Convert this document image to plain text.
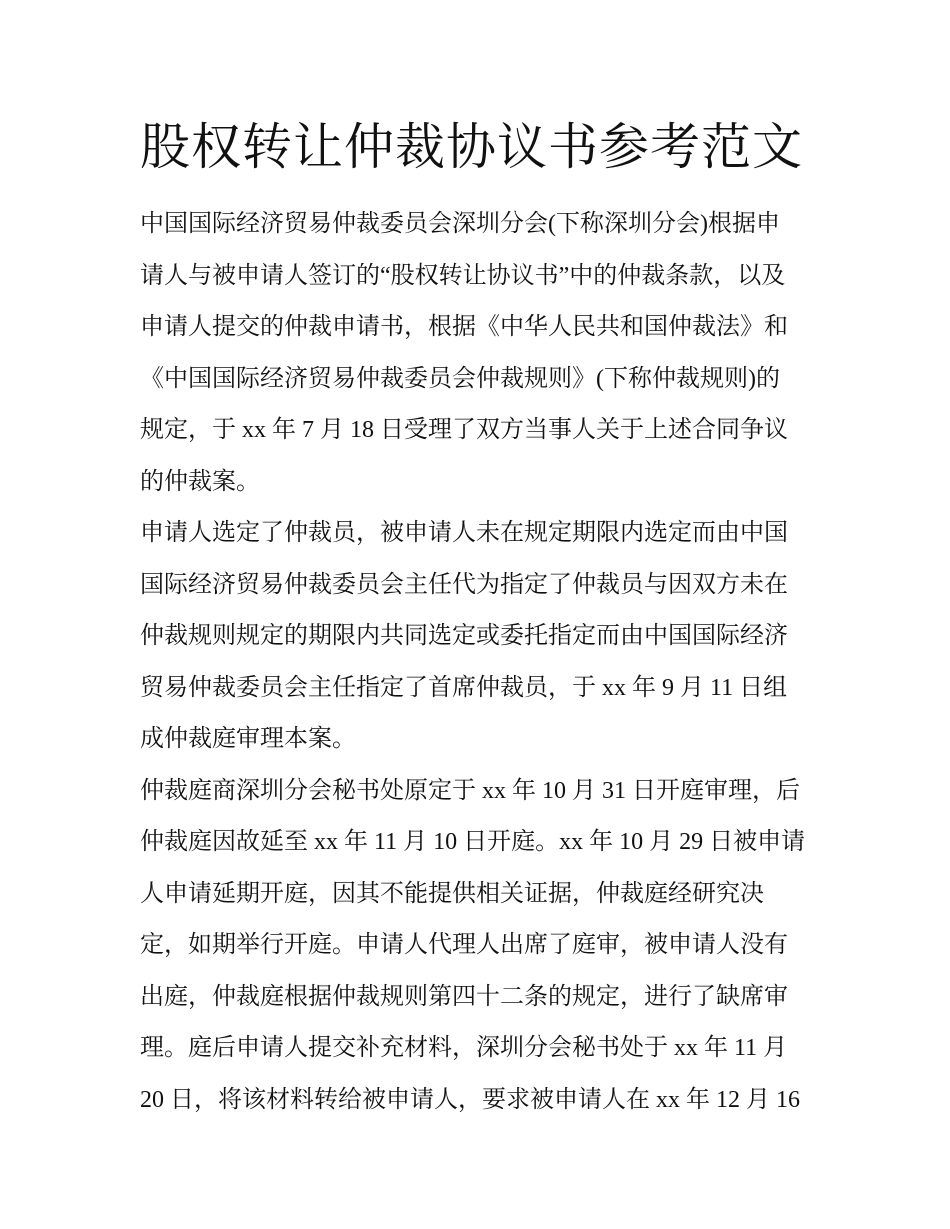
股权转让仲裁协议书参考范文
中国国际经济贸易仲裁委员会深圳分会(下称深圳分会)根据申
请人与被申请人签订的“股权转让协议书”中的仲裁条款，以及
申请人提交的仲裁申请书，根据《中华人民共和国仲裁法》和
《中国国际经济贸易仲裁委员会仲裁规则》(下称仲裁规则)的
规定，于 xx 年 7 月 18 日受理了双方当事人关于上述合同争议
的仲裁案。
申请人选定了仲裁员，被申请人未在规定期限内选定而由中国
国际经济贸易仲裁委员会主任代为指定了仲裁员与因双方未在
仲裁规则规定的期限内共同选定或委托指定而由中国国际经济
贸易仲裁委员会主任指定了首席仲裁员，于 xx 年 9 月 11 日组
成仲裁庭审理本案。
仲裁庭商深圳分会秘书处原定于 xx 年 10 月 31 日开庭审理，后
仲裁庭因故延至 xx 年 11 月 10 日开庭。xx 年 10 月 29 日被申请
人申请延期开庭，因其不能提供相关证据，仲裁庭经研究决
定，如期举行开庭。申请人代理人出席了庭审，被申请人没有
出庭，仲裁庭根据仲裁规则第四十二条的规定，进行了缺席审
理。庭后申请人提交补充材料，深圳分会秘书处于 xx 年 11 月
20 日，将该材料转给被申请人，要求被申请人在 xx 年 12 月 16
